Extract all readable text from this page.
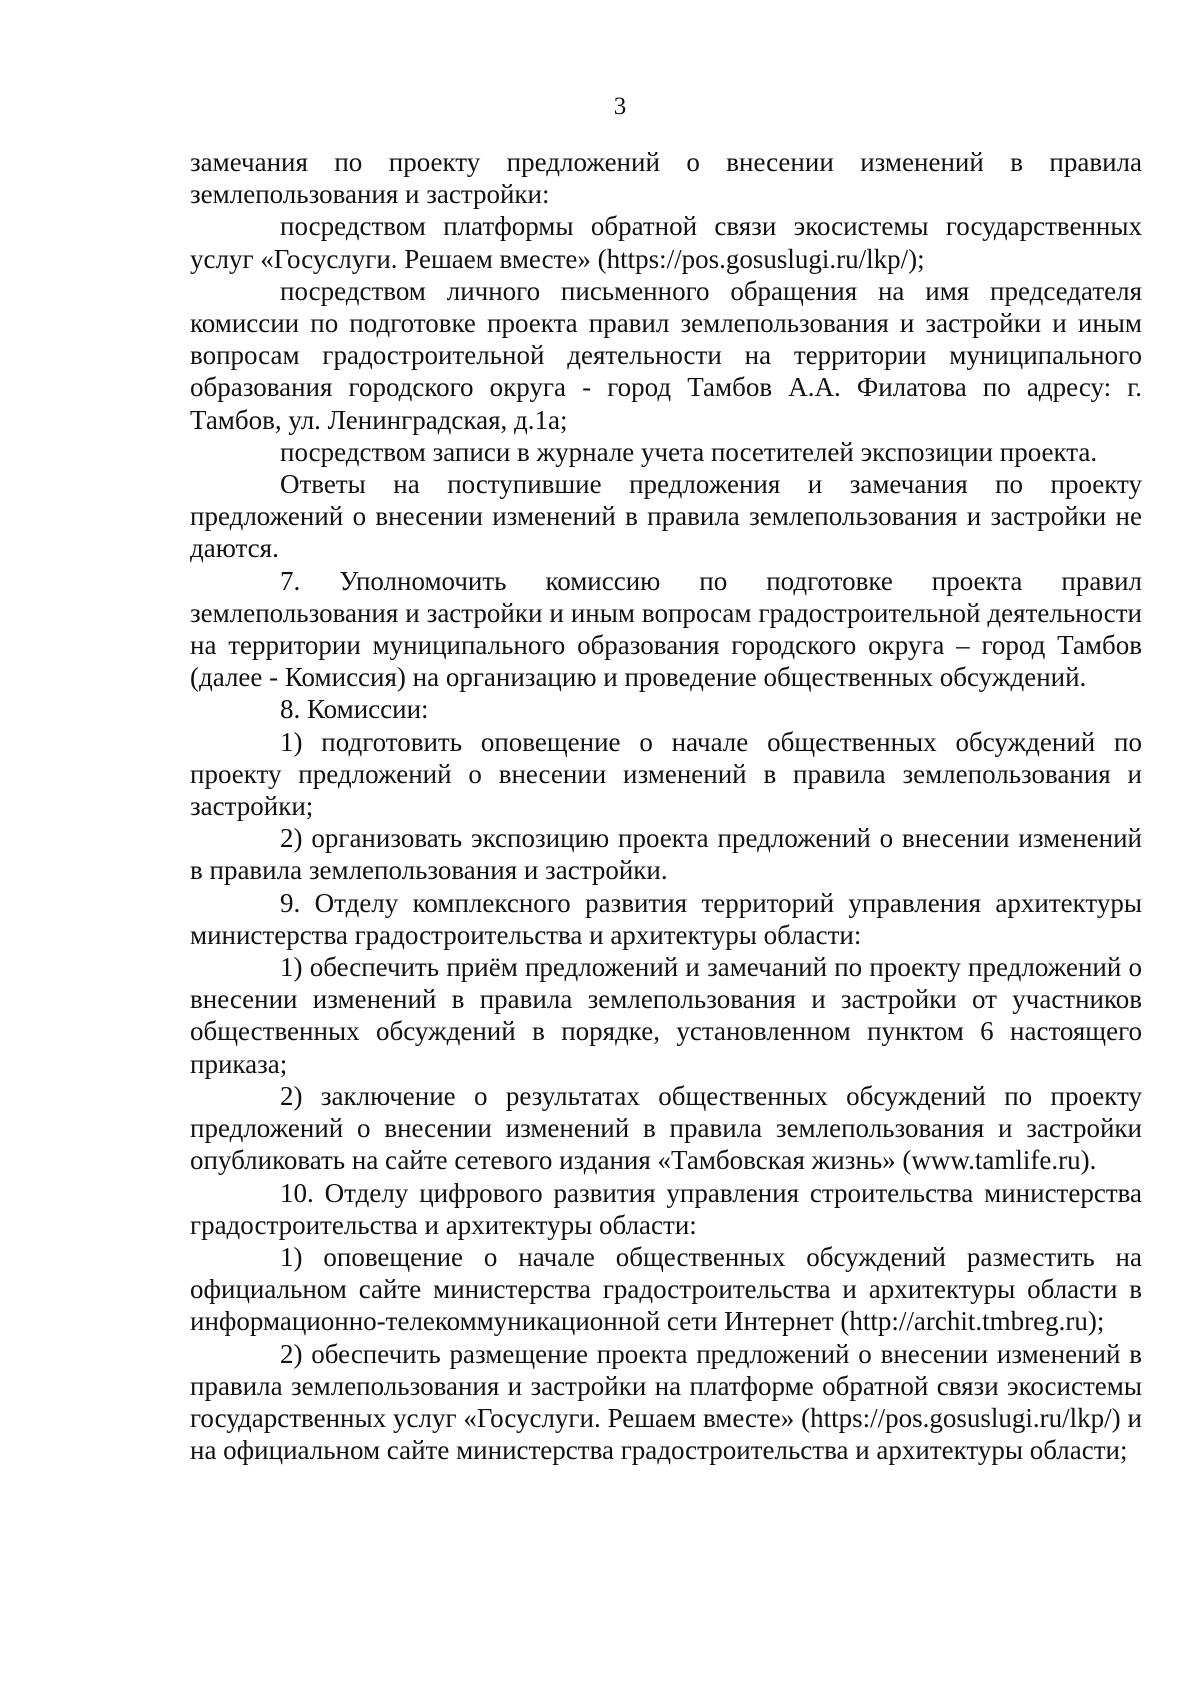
3

замечания по проекту предложений о внесении изменений в правила землепользования и застройки:

посредством платформы обратной связи экосистемы государственных услуг «Госуслуги. Решаем вместе» (https://pos.gosuslugi.ru/lkp/);

посредством личного письменного обращения на имя председателя комиссии по подготовке проекта правил землепользования и застройки и иным вопросам градостроительной деятельности на территории муниципального образования городского округа - город Тамбов А.А. Филатова по адресу: г. Тамбов, ул. Ленинградская, д.1а;

посредством записи в журнале учета посетителей экспозиции проекта.

Ответы на поступившие предложения и замечания по проекту предложений о внесении изменений в правила землепользования и застройки не даются.

7. Уполномочить комиссию по подготовке проекта правил землепользования и застройки и иным вопросам градостроительной деятельности на территории муниципального образования городского округа – город Тамбов (далее - Комиссия) на организацию и проведение общественных обсуждений.

8. Комиссии:

1) подготовить оповещение о начале общественных обсуждений по проекту предложений о внесении изменений в правила землепользования и застройки;

2) организовать экспозицию проекта предложений о внесении изменений в правила землепользования и застройки.

9. Отделу комплексного развития территорий управления архитектуры министерства градостроительства и архитектуры области:

1) обеспечить приём предложений и замечаний по проекту предложений о внесении изменений в правила землепользования и застройки от участников общественных обсуждений в порядке, установленном пунктом 6 настоящего приказа;

2) заключение о результатах общественных обсуждений по проекту предложений о внесении изменений в правила землепользования и застройки опубликовать на сайте сетевого издания «Тамбовская жизнь» (www.tamlife.ru).

10. Отделу цифрового развития управления строительства министерства градостроительства и архитектуры области:

1) оповещение о начале общественных обсуждений разместить на официальном сайте министерства градостроительства и архитектуры области в информационно-телекоммуникационной сети Интернет (http://archit.tmbreg.ru);

2) обеспечить размещение проекта предложений о внесении изменений в правила землепользования и застройки на платформе обратной связи экосистемы государственных услуг «Госуслуги. Решаем вместе» (https://pos.gosuslugi.ru/lkp/) и на официальном сайте министерства градостроительства и архитектуры области;
